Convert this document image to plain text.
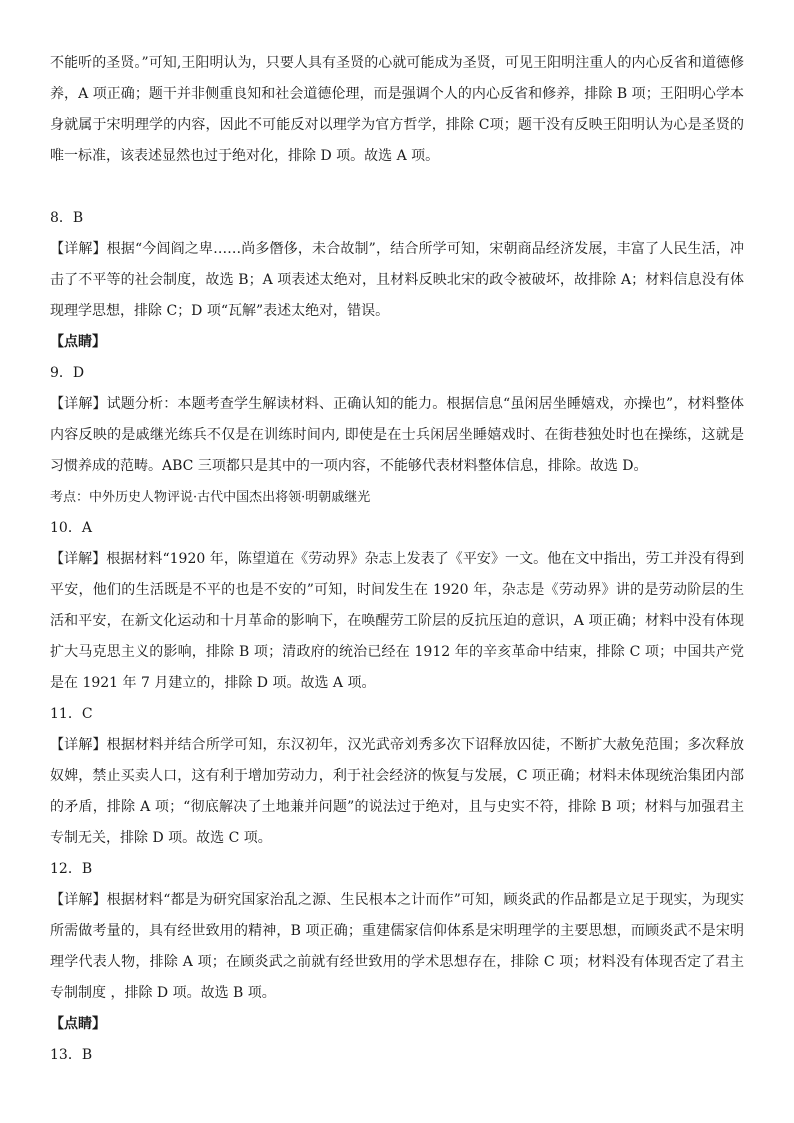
不能听的圣贤。”可知,王阳明认为，只要人具有圣贤的心就可能成为圣贤，可见王阳明注重人的内心反省和道德修养，A 项正确；题干并非侧重良知和社会道德伦理，而是强调个人的内心反省和修养，排除 B 项；王阳明心学本身就属于宋明理学的内容，因此不可能反对以理学为官方哲学，排除 C项；题干没有反映王阳明认为心是圣贤的唯一标准，该表述显然也过于绝对化，排除 D 项。故选 A 项。

8．B

【详解】根据“今闾阎之卑……尚多僭侈，未合故制”，结合所学可知，宋朝商品经济发展，丰富了人民生活，冲击了不平等的社会制度，故选 B；A 项表述太绝对，且材料反映北宋的政令被破坏，故排除 A；材料信息没有体现理学思想，排除 C；D 项“瓦解”表述太绝对，错误。

【点睛】

9．D

【详解】试题分析：本题考查学生解读材料、正确认知的能力。根据信息“虽闲居坐睡嬉戏，亦操也”，材料整体内容反映的是戚继光练兵不仅是在训练时间内, 即使是在士兵闲居坐睡嬉戏时、在街巷独处时也在操练，这就是习惯养成的范畴。ABC 三项都只是其中的一项内容，不能够代表材料整体信息，排除。故选 D。

考点：中外历史人物评说·古代中国杰出将领·明朝戚继光

10．A

【详解】根据材料“1920 年，陈望道在《劳动界》杂志上发表了《平安》一文。他在文中指出，劳工并没有得到平安，他们的生活既是不平的也是不安的”可知，时间发生在 1920 年，杂志是《劳动界》讲的是劳动阶层的生活和平安，在新文化运动和十月革命的影响下，在唤醒劳工阶层的反抗压迫的意识，A 项正确；材料中没有体现扩大马克思主义的影响，排除 B 项；清政府的统治已经在 1912 年的辛亥革命中结束，排除 C 项；中国共产党是在 1921 年 7 月建立的，排除 D 项。故选 A 项。

11．C

【详解】根据材料并结合所学可知，东汉初年，汉光武帝刘秀多次下诏释放囚徒，不断扩大赦免范围；多次释放奴婢，禁止买卖人口，这有利于增加劳动力，利于社会经济的恢复与发展，C 项正确；材料未体现统治集团内部的矛盾，排除 A 项；“彻底解决了土地兼并问题”的说法过于绝对，且与史实不符，排除 B 项；材料与加强君主专制无关，排除 D 项。故选 C 项。

12．B

【详解】根据材料“都是为研究国家治乱之源、生民根本之计而作”可知，顾炎武的作品都是立足于现实，为现实所需做考量的，具有经世致用的精神，B 项正确；重建儒家信仰体系是宋明理学的主要思想，而顾炎武不是宋明理学代表人物，排除 A 项；在顾炎武之前就有经世致用的学术思想存在，排除 C 项；材料没有体现否定了君主专制制度 ，排除 D 项。故选 B 项。

【点睛】

13．B
